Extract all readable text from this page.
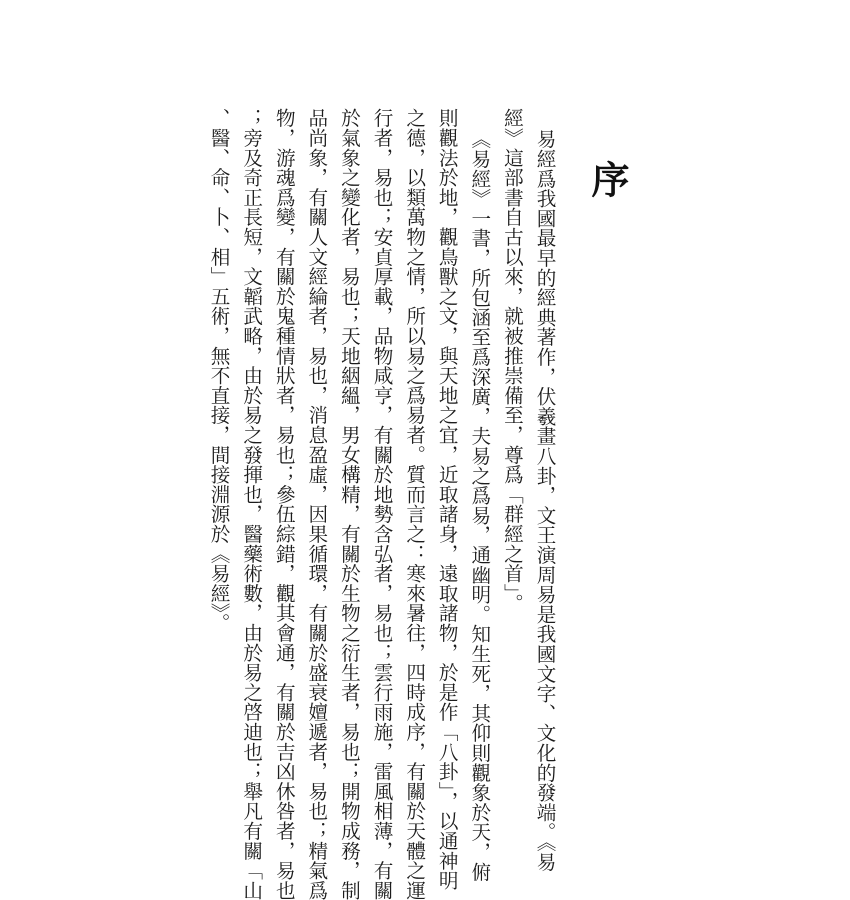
序
易經爲我國最早的經典著作，伏羲畫八卦，文王演周易是我國文字、文化的發端。《易
經》這部書自古以來，就被推崇備至，尊爲「群經之首」。
《易經》一書，所包涵至爲深廣，夫易之爲易，通幽明。知生死，其仰則觀象於天，俯
則觀法於地，觀鳥獸之文，與天地之宜，近取諸身，遠取諸物，於是作「八卦」，以通神明
之德，以類萬物之情，所以易之爲易者。質而言之：寒來暑往，四時成序，有關於天體之運
行者，易也；安貞厚載，品物咸亨，有關於地勢含弘者，易也；雲行雨施，雷風相薄，有關
於氣象之變化者，易也；天地絪縕，男女構精，有關於生物之衍生者，易也；開物成務，制
品尚象，有關人文經綸者，易也，消息盈虛，因果循環，有關於盛衰嬗遞者，易也；精氣爲
物，游魂爲變，有關於鬼種情狀者，易也；參伍綜錯，觀其會通，有關於吉凶休咎者，易也
；旁及奇正長短，文韜武略，由於易之發揮也，醫藥術數，由於易之啓迪也；舉凡有關「山
、醫、命、卜、相」五術，無不直接，間接淵源於《易經》。
